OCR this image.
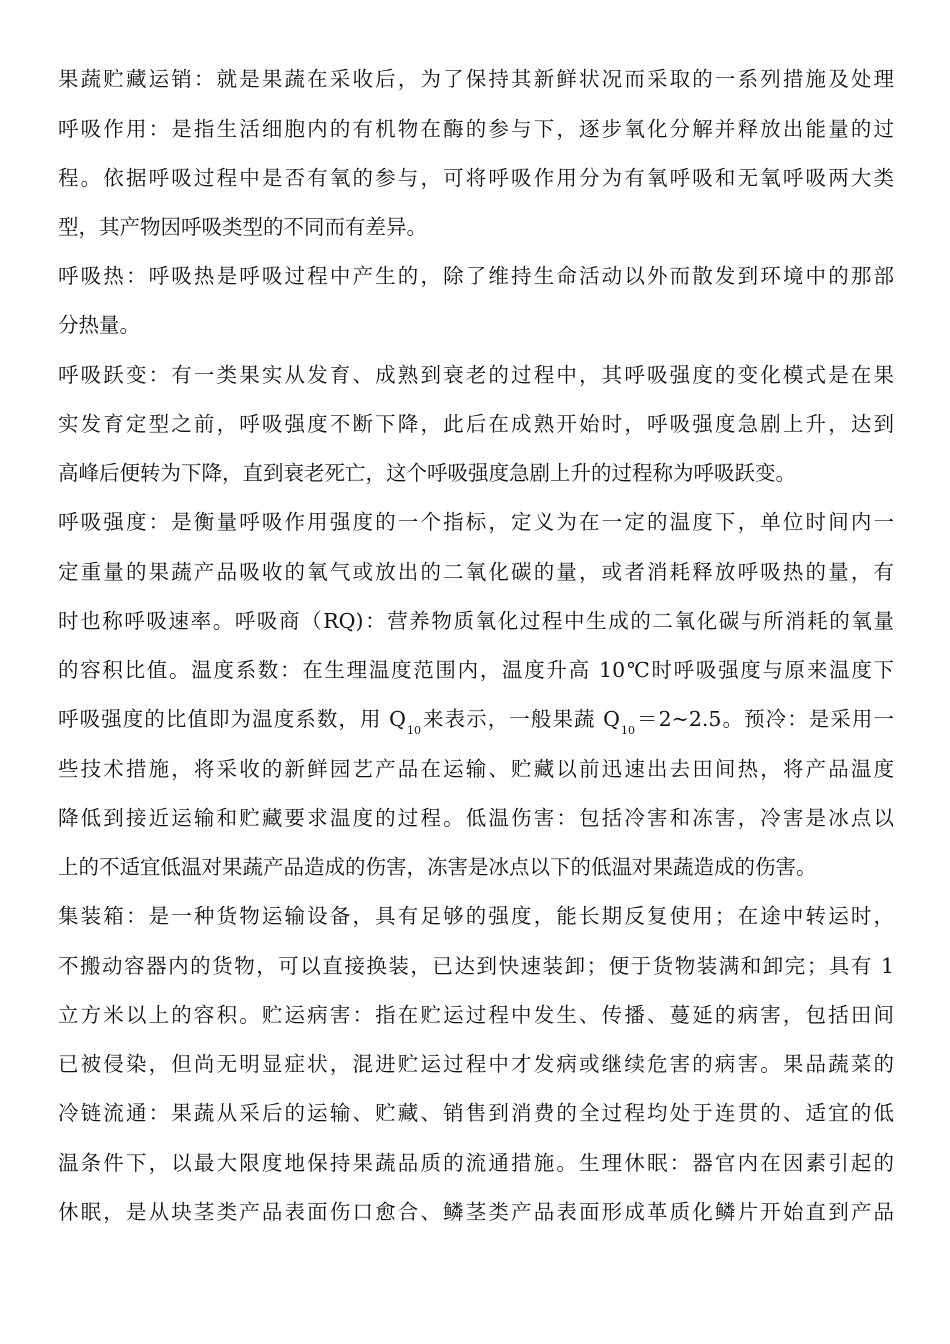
果蔬贮藏运销：就是果蔬在采收后，为了保持其新鲜状况而采取的一系列措施及处理
呼吸作用：是指生活细胞内的有机物在酶的参与下，逐步氧化分解并释放出能量的过
程。依据呼吸过程中是否有氧的参与，可将呼吸作用分为有氧呼吸和无氧呼吸两大类
型，其产物因呼吸类型的不同而有差异。
呼吸热：呼吸热是呼吸过程中产生的，除了维持生命活动以外而散发到环境中的那部
分热量。
呼吸跃变：有一类果实从发育、成熟到衰老的过程中，其呼吸强度的变化模式是在果
实发育定型之前，呼吸强度不断下降，此后在成熟开始时，呼吸强度急剧上升，达到
高峰后便转为下降，直到衰老死亡，这个呼吸强度急剧上升的过程称为呼吸跃变。
呼吸强度：是衡量呼吸作用强度的一个指标，定义为在一定的温度下，单位时间内一
定重量的果蔬产品吸收的氧气或放出的二氧化碳的量，或者消耗释放呼吸热的量，有
时也称呼吸速率。呼吸商（RQ)：营养物质氧化过程中生成的二氧化碳与所消耗的氧量
的容积比值。温度系数：在生理温度范围内，温度升高 10℃时呼吸强度与原来温度下
呼吸强度的比值即为温度系数，用 $Q_{10}$来表示，一般果蔬 $Q_{10}=2\sim 2.5$。预冷：是采用一
些技术措施，将采收的新鲜园艺产品在运输、贮藏以前迅速出去田间热，将产品温度
降低到接近运输和贮藏要求温度的过程。低温伤害：包括冷害和冻害，冷害是冰点以
上的不适宜低温对果蔬产品造成的伤害，冻害是冰点以下的低温对果蔬造成的伤害。
集装箱：是一种货物运输设备，具有足够的强度，能长期反复使用；在途中转运时，
不搬动容器内的货物，可以直接换装，已达到快速装卸；便于货物装满和卸完；具有 1
立方米以上的容积。贮运病害：指在贮运过程中发生、传播、蔓延的病害，包括田间
已被侵染，但尚无明显症状，混进贮运过程中才发病或继续危害的病害。果品蔬菜的
冷链流通：果蔬从采后的运输、贮藏、销售到消费的全过程均处于连贯的、适宜的低
温条件下，以最大限度地保持果蔬品质的流通措施。生理休眠：器官内在因素引起的
休眠，是从块茎类产品表面伤口愈合、鳞茎类产品表面形成革质化鳞片开始直到产品
